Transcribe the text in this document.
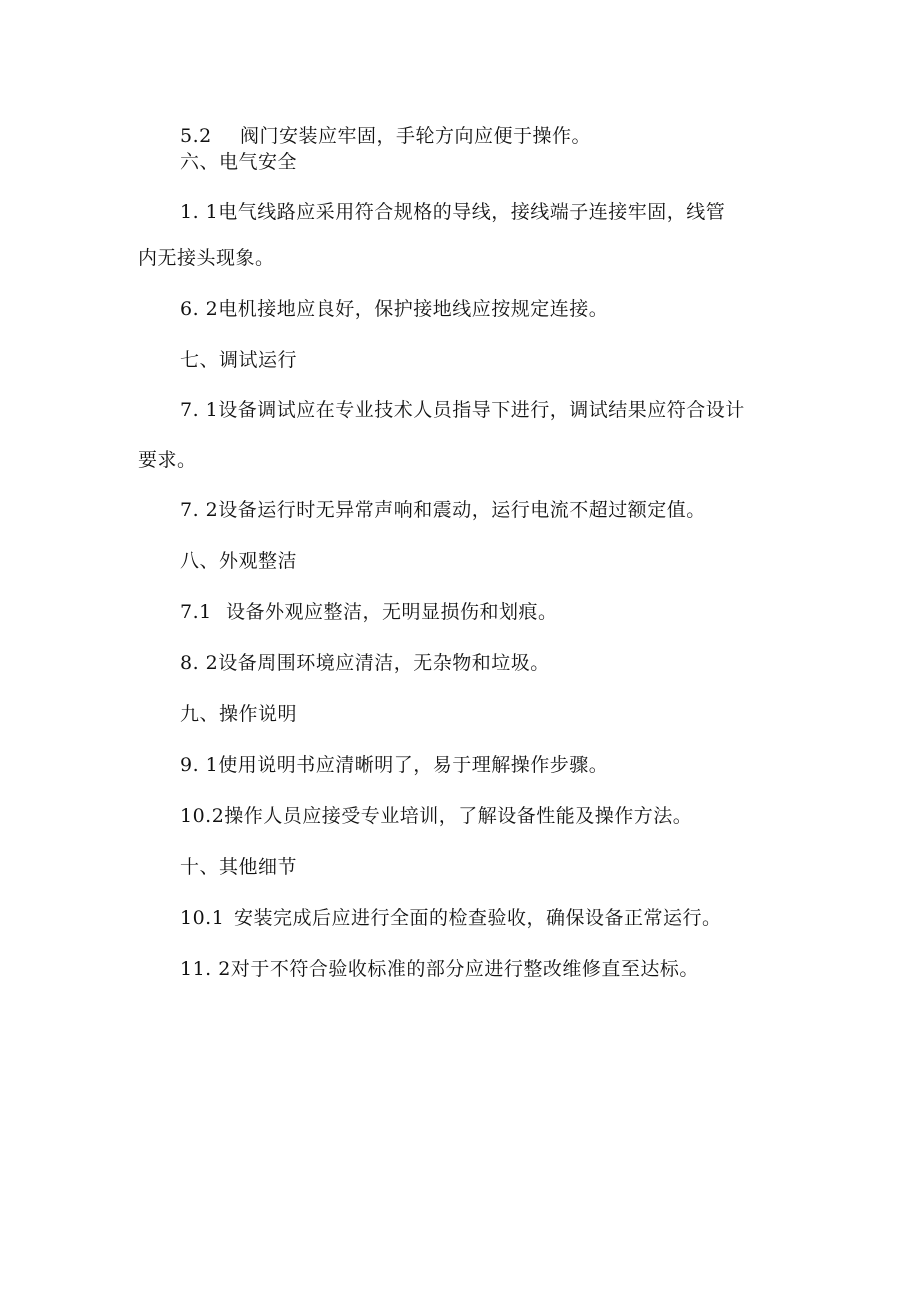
5.2 阀门安装应牢固，手轮方向应便于操作。
六、电气安全
1. 1电气线路应采用符合规格的导线，接线端子连接牢固，线管
内无接头现象。
6. 2电机接地应良好，保护接地线应按规定连接。
七、调试运行
7. 1设备调试应在专业技术人员指导下进行，调试结果应符合设计
要求。
7. 2设备运行时无异常声响和震动，运行电流不超过额定值。
八、外观整洁
7.1 设备外观应整洁，无明显损伤和划痕。
8. 2设备周围环境应清洁，无杂物和垃圾。
九、操作说明
9. 1使用说明书应清晰明了，易于理解操作步骤。
10.2操作人员应接受专业培训，了解设备性能及操作方法。
十、其他细节
10.1 安装完成后应进行全面的检查验收，确保设备正常运行。
11. 2对于不符合验收标准的部分应进行整改维修直至达标。
